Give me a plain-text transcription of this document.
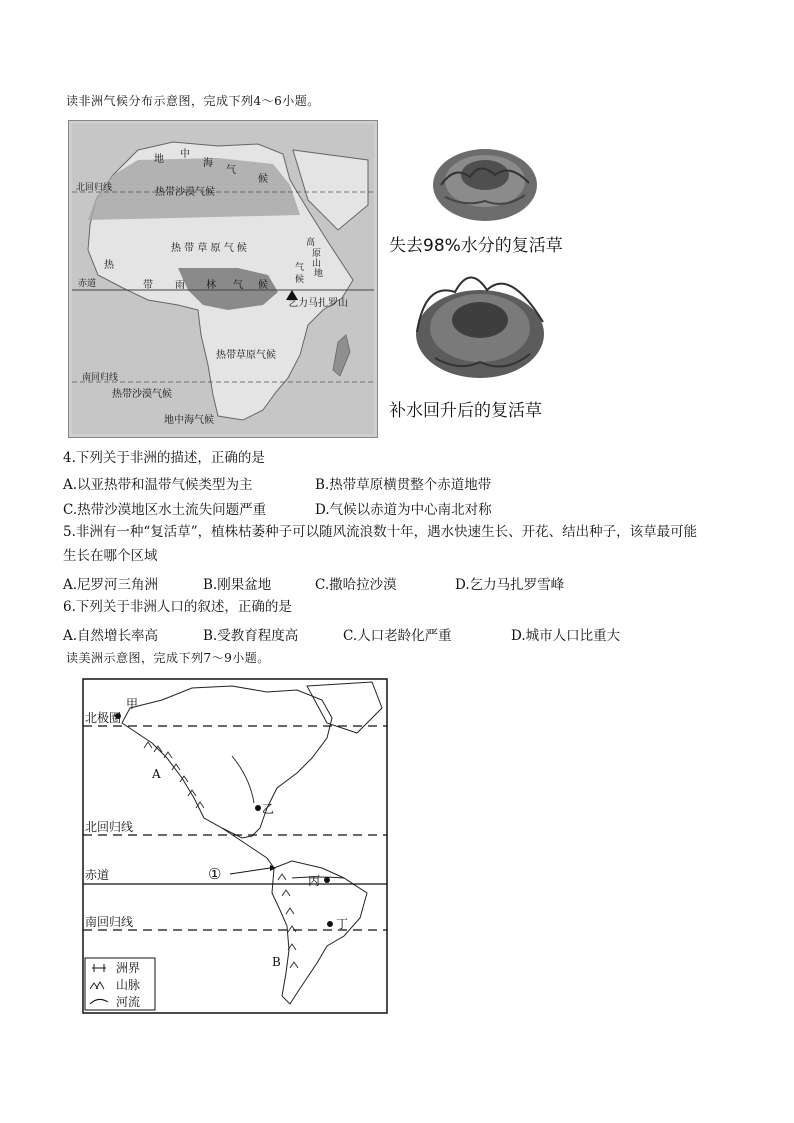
读非洲气候分布示意图，完成下列4～6小题。
地 中
海
气
候
北回归线	热带沙漠气候
热 带 草 原 气 候
热
带 雨 林 气 候
赤道
高
原
山
地
气
候
乞力马扎罗山
热带草原气候
南回归线
热带沙漠气候
地中海气候
失去98%水分的复活草
补水回升后的复活草
4.下列关于非洲的描述，正确的是
A.以亚热带和温带气候类型为主	B.热带草原横贯整个赤道地带
C.热带沙漠地区水土流失问题严重	D.气候以赤道为中心南北对称
5.非洲有一种“复活草”，植株枯萎种子可以随风流浪数十年，遇水快速生长、开花、结出种子，该草最可能
生长在哪个区域
A.尼罗河三角洲	B.刚果盆地	C.撒哈拉沙漠	D.乞力马扎罗雪峰
6.下列关于非洲人口的叙述，正确的是
A.自然增长率高	B.受教育程度高	C.人口老龄化严重	D.城市人口比重大
读美洲示意图，完成下列7～9小题。
北极圈
甲
A
乙
北回归线
①
赤道	丙
南回归线	丁
B
洲界
山脉
河流
